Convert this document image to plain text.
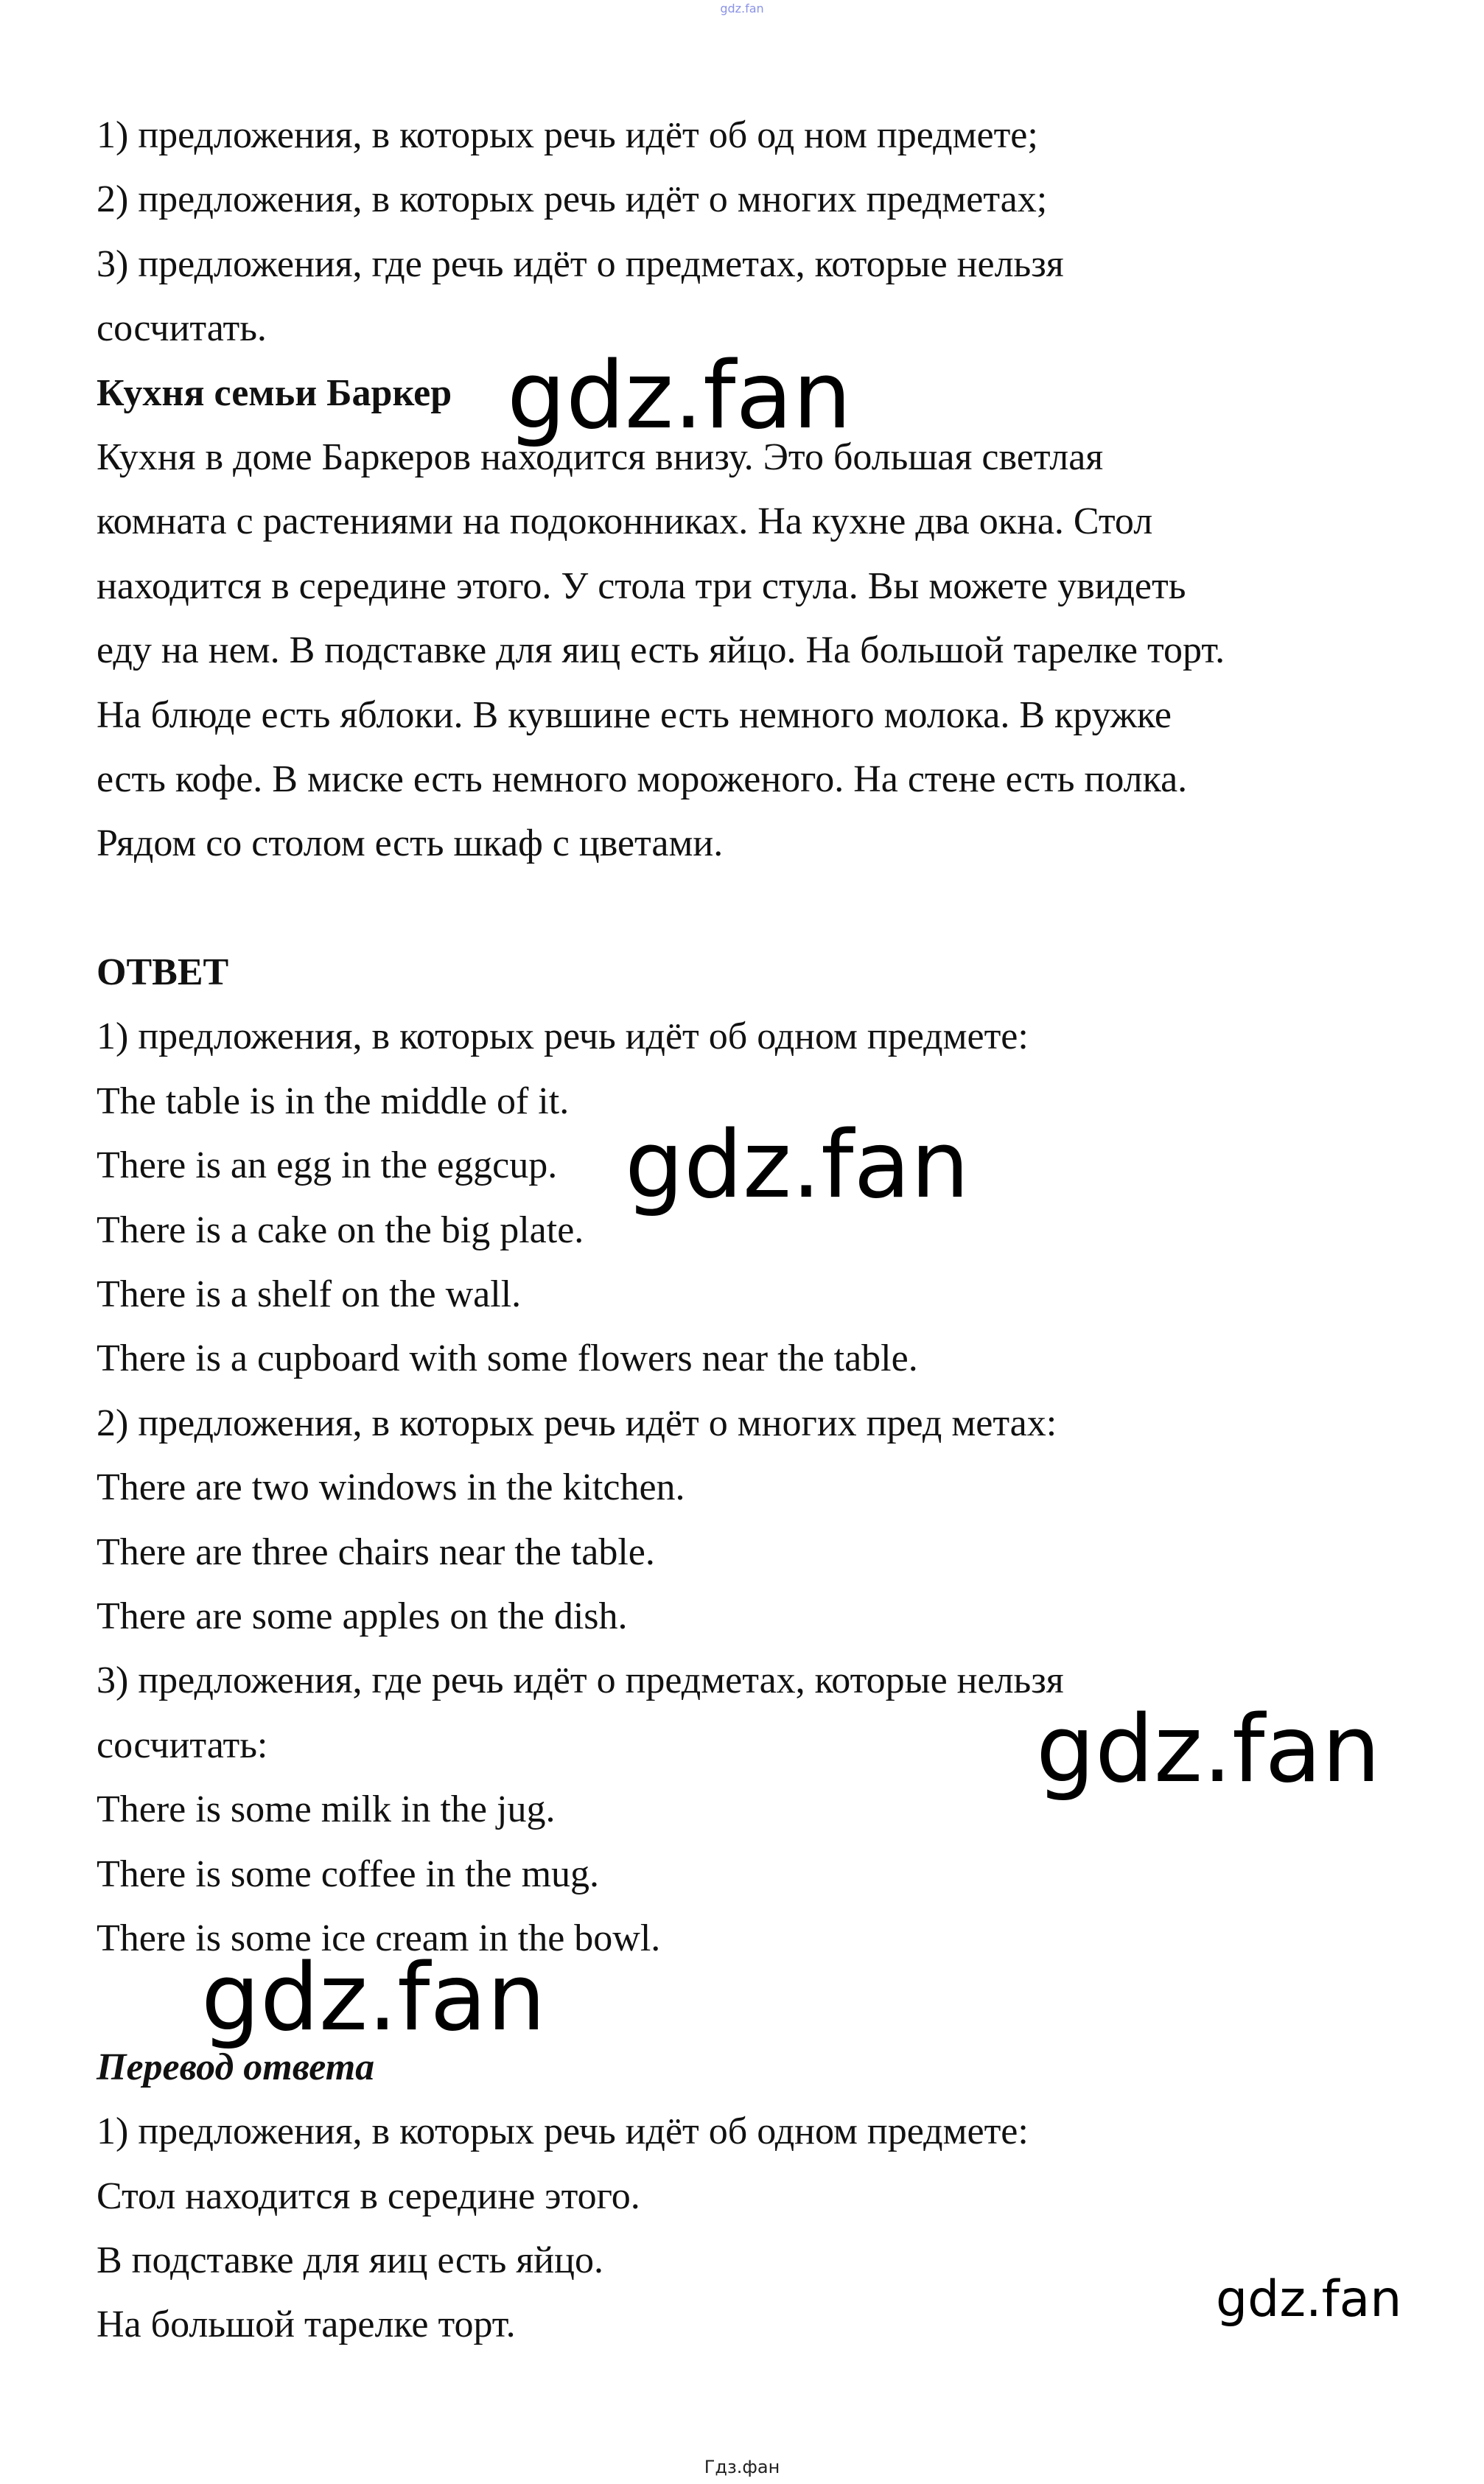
gdz.fan
1) предложения, в которых речь идёт об од ном предмете;
2) предложения, в которых речь идёт о многих предметах;
3) предложения, где речь идёт о предметах, которые нельзя
сосчитать.
Кухня семьи Баркер
Кухня в доме Баркеров находится внизу. Это большая светлая
комната с растениями на подоконниках. На кухне два окна. Стол
находится в середине этого. У стола три стула. Вы можете увидеть
еду на нем. В подставке для яиц есть яйцо. На большой тарелке торт.
На блюде есть яблоки. В кувшине есть немного молока. В кружке
есть кофе. В миске есть немного мороженого. На стене есть полка.
Рядом со столом есть шкаф с цветами.
ОТВЕТ
1) предложения, в которых речь идёт об одном предмете:
The table is in the middle of it.
There is an egg in the eggcup.
There is a cake on the big plate.
There is a shelf on the wall.
There is a cupboard with some flowers near the table.
2) предложения, в которых речь идёт о многих пред метах:
There are two windows in the kitchen.
There are three chairs near the table.
There are some apples on the dish.
3) предложения, где речь идёт о предметах, которые нельзя
сосчитать:
There is some milk in the jug.
There is some coffee in the mug.
There is some ice cream in the bowl.
Перевод ответа
1) предложения, в которых речь идёт об одном предмете:
Стол находится в середине этого.
В подставке для яиц есть яйцо.
На большой тарелке торт.
gdz.fan
gdz.fan
gdz.fan
gdz.fan
gdz.fan
Гдз.фан
